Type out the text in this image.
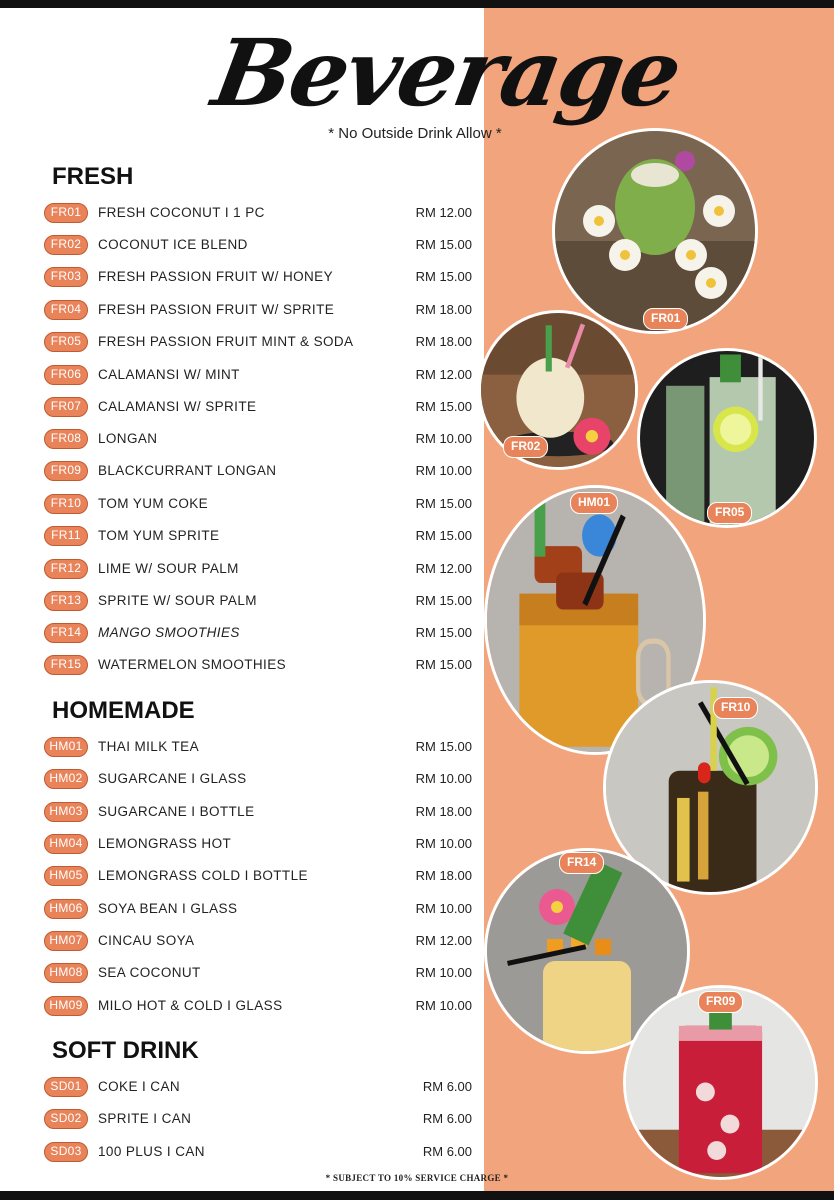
Beverage
* No Outside Drink Allow *
FRESH
FR01	FRESH COCONUT I 1 PC	RM 12.00
FR02	COCONUT ICE BLEND	RM 15.00
FR03	FRESH PASSION FRUIT W/ HONEY	RM 15.00
FR04	FRESH PASSION FRUIT W/ SPRITE	RM 18.00
FR05	FRESH PASSION FRUIT MINT & SODA	RM 18.00
FR06	CALAMANSI W/ MINT	RM 12.00
FR07	CALAMANSI W/ SPRITE	RM 15.00
FR08	LONGAN	RM 10.00
FR09	BLACKCURRANT LONGAN	RM 10.00
FR10	TOM YUM COKE	RM 15.00
FR11	TOM YUM SPRITE	RM 15.00
FR12	LIME W/ SOUR PALM	RM 12.00
FR13	SPRITE W/ SOUR PALM	RM 15.00
FR14	MANGO SMOOTHIES	RM 15.00
FR15	WATERMELON SMOOTHIES	RM 15.00
HOMEMADE
HM01	THAI MILK TEA	RM 15.00
HM02	SUGARCANE I GLASS	RM 10.00
HM03	SUGARCANE I BOTTLE	RM 18.00
HM04	LEMONGRASS HOT	RM 10.00
HM05	LEMONGRASS COLD I BOTTLE	RM 18.00
HM06	SOYA BEAN I GLASS	RM 10.00
HM07	CINCAU SOYA	RM 12.00
HM08	SEA COCONUT	RM 10.00
HM09	MILO HOT & COLD I GLASS	RM 10.00
SOFT DRINK
SD01	COKE I CAN	RM 6.00
SD02	SPRITE I CAN	RM 6.00
SD03	100 PLUS I CAN	RM 6.00
FR01
FR02
FR05
HM01
FR10
FR14
FR09
* SUBJECT TO 10% SERVICE CHARGE *
